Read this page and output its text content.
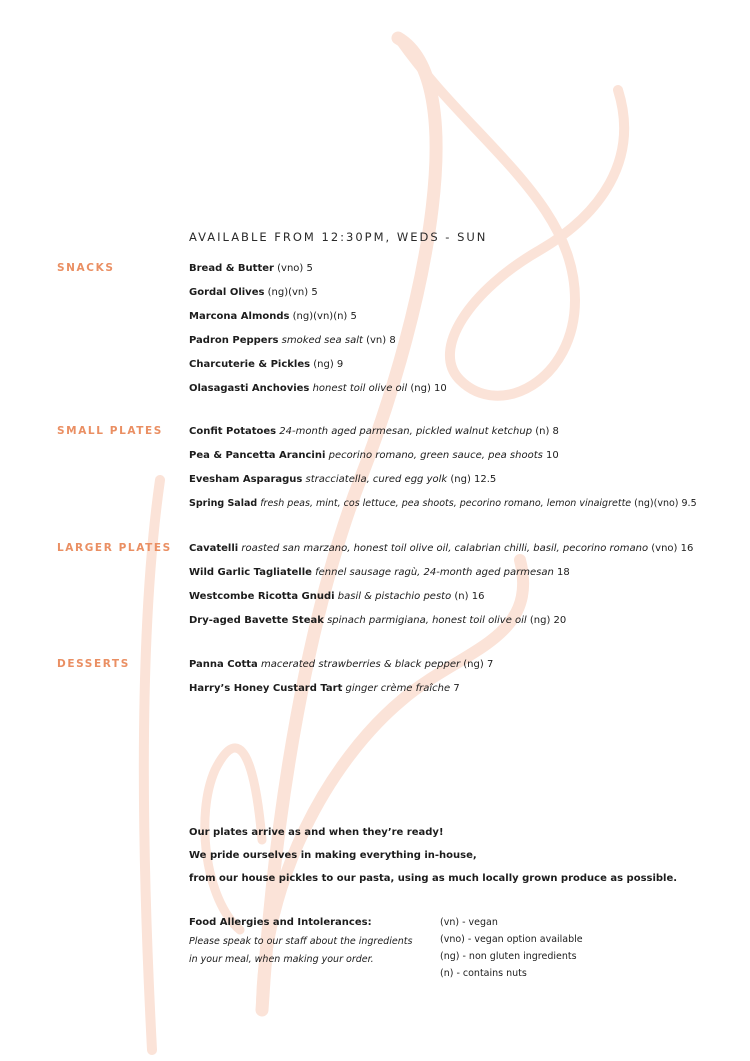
AVAILABLE FROM 12:30PM, WEDS - SUN
SNACKS	Bread & Butter (vno) 5
Gordal Olives (ng)(vn) 5
Marcona Almonds (ng)(vn)(n) 5
Padron Peppers smoked sea salt (vn) 8
Charcuterie & Pickles (ng) 9
Olasagasti Anchovies honest toil olive oil (ng) 10
SMALL PLATES	Confit Potatoes 24-month aged parmesan, pickled walnut ketchup (n) 8
Pea & Pancetta Arancini pecorino romano, green sauce, pea shoots 10
Evesham Asparagus stracciatella, cured egg yolk (ng) 12.5
Spring Salad fresh peas, mint, cos lettuce, pea shoots, pecorino romano, lemon vinaigrette (ng)(vno) 9.5
LARGER PLATES Cavatelli roasted san marzano, honest toil olive oil, calabrian chilli, basil, pecorino romano (vno) 16
Wild Garlic Tagliatelle fennel sausage ragù, 24-month aged parmesan 18
Westcombe Ricotta Gnudi basil & pistachio pesto (n) 16
Dry-aged Bavette Steak spinach parmigiana, honest toil olive oil (ng) 20
DESSERTS	Panna Cotta macerated strawberries & black pepper (ng) 7
Harry’s Honey Custard Tart ginger crème fraîche 7
Our plates arrive as and when they’re ready!
We pride ourselves in making everything in-house,
from our house pickles to our pasta, using as much locally grown produce as possible.
Food Allergies and Intolerances:
Please speak to our staff about the ingredients
in your meal, when making your order.
(vn) - vegan
(vno) - vegan option available
(ng) - non gluten ingredients
(n) - contains nuts
